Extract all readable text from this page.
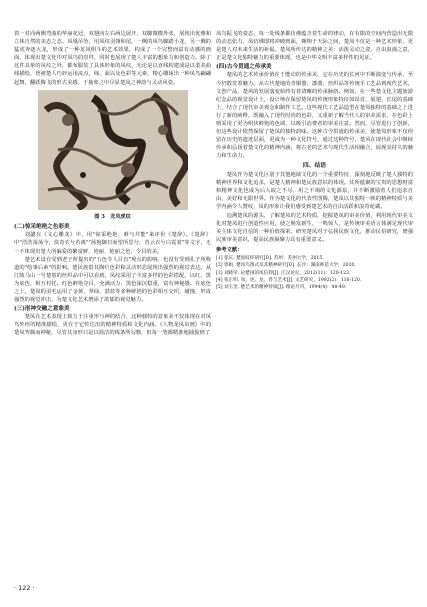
着一对向两侧弯曲的华丽花冠，双翅向左右两边展开，双脚微微外张，展现出优雅和立体自然的美态之态。凤凰吊坠，用凤纹羽翎和尾，一侧的凤鸟脚踏小龙，另一侧的猛虎奔逐大龙，形成了一种龙凤相斗的艺术效果，构成了一个完整而富有动感的画面，体现出楚文化中对凤鸟的崇拜，同时也展现了楚人丰富的想象力和创造力。除了这件具象的凤纹之外，都布服装了具体形象的凤纹，无论是以直线构建成是以柔美曲线描绘，皆被楚人巧妙运用流点，线，面以及色彩等元素，精心雕琢出一种凤鸟翩翩起舞，翻跃腾飞的形式美感，于抽象之中尽显楚凤之神韵与灵动风姿。

图 3　龙凤虎纹
(二)惊采绝艳之色彩美

刘勰在《文心雕龙》中，用"惊采绝艳，难与并能"来评价《楚辞》。《楚辞》中"浩浩荡荡今，佚奇衣兮若离""扬袍御日而望所思兮，青云衣兮白霓裳"等文字，无一不体现出楚人所偏爱的繁富鲜、艳丽、艳丽之色，令目的美。

楚艺术设在受到老子所提出的"五色令人目盲"观点的影响，也没有受到孔子所称道的"绘事后素"的影响。楚民族借其陶烂色彩和灵动形态展现出强烈的视觉表达。从江陵马山一号楚墓的丝织品中可以看到，凤纹采用了丰富多样的色彩搭配，以红、黑为底色，相互衬托。红色鲜艳夺目，充满活力；黑色深沉稳重，富有神秘感。在底色之上，楚凤的羽毛运用了金黄、翠绿、湛蓝等多种鲜艳的色彩相互交织，碰撞，形成强烈的视觉冲击，为楚文化艺术增添了浓郁的视觉魅力。

(三)形神交融之意象美

楚凤在艺术表现上致力于注重形与神的结合，这种独特的意象美不仅体现在对凤鸟外形的精准描绘，更在于它传达出的精神特质和文化内涵。《人物龙凤帛画》中的楚凤驾腾而神秘，尽管其身形只是以简洁的线条所勾勒，但每一笔都精准地捕捉到了

凤鸟振飞的姿态，每一处线条都仿佛蕴含着生命的律动，在有限的空间内营造出无限的动态张力，凤仿佛即将冲破画面，翱翔于天际之间。楚凤不仅是一种艺术形象，更是楚人对未来生活的祈福。楚凤所传达的精神之美：活泼灵动之姿，自由浪漫之意，正是楚文化独特魅力的重要体现，也是中华文明丰富多样性的见证。

(四)古今贯通之传承美

楚凤的艺术传承价值在于能动的传承美，它在历史的长河中不断演变与传承，至今仍散发着魅力。从古代楚地的青铜器，漆器，丝织品等传统手工艺品到现代艺术，文创产品，楚风的发展演变始终有着清晰的传承脉络。例如，在一些楚文化主题旅游纪念品的视觉设计上，设计师在保留楚凤的传统形象特征如昂首，展翅，长尾的基础上，结合了现代审美观念和制作工艺。这些现代工艺品造型在楚凤独特的基础之上进行了新的阐释，既融入了现代时尚的色彩，又重新了解当代人的审美需求，在色彩上则采用了更为明快鲜艳的色调，以吸引消费者的审美注意。然而，尽管进行了创新，但这些设计依然保留了楚凤的独特韵味。这种古今贯通的传承美，使楚凤形象不仅停留在历史的遗迹层面，更成为一种文化符号，通过这种符号，楚风在现代社会中继续传承和弘扬着楚文化的精神内涵，将古老的艺术与现代生活相融合，展现其持久的魅力和生命力。

四、结语

楚凤作为楚文化区别于其他地域文化的一个重要特征，深刻地反映了楚人独特的精神世界和文化追求，是楚人精神和楚民族意识的体现。其所蕴聚的宝贵的思想财富和精神文化也成为后人取之不尽，用之不竭的文化源泉，并不断激励着人们追求自由，美好和无限世界。作为楚文化的代表性图腾，楚凤以其独特一帜的精神特质与美学内涵令人赞叹，凤的形象让我们感受到楚艺术的自由活跃和浪奇诡谲。

追溯楚凤的源头，了解楚凤的艺术特质，挖掘楚凤的审美价值，利用现代审美文化对楚凤进行创造性应用，使之焕发新生，一鸣惊人，是传统审美语言体满足现代审美主体文化自信的一种价值探索。研究楚凤对于弘扬民族文化，推动民俗研究，增强民族审美意识，提高民族凝聚力具有重要意义。

参考文献：

[1] 张庆. 楚国纹样研究[D]. 苏州：苏州大学，2015.

[2] 郭娟. 楚风鸟图式及其精神研究[D]. 长沙：湖南师范大学，2020.

[3] 刘晓荣. 论楚国的凤信仰[J]. 江汉论坛，2012(11)：120-123.

[4] 张正明. 凤、虎、龙、兽与艺术[J]. 文艺研究，1992(2)：110-120.

[5] 刘玉堂. 楚艺术的精神特质[J]. 理论月刊，1994(4)：48-49.

· 122 ·
